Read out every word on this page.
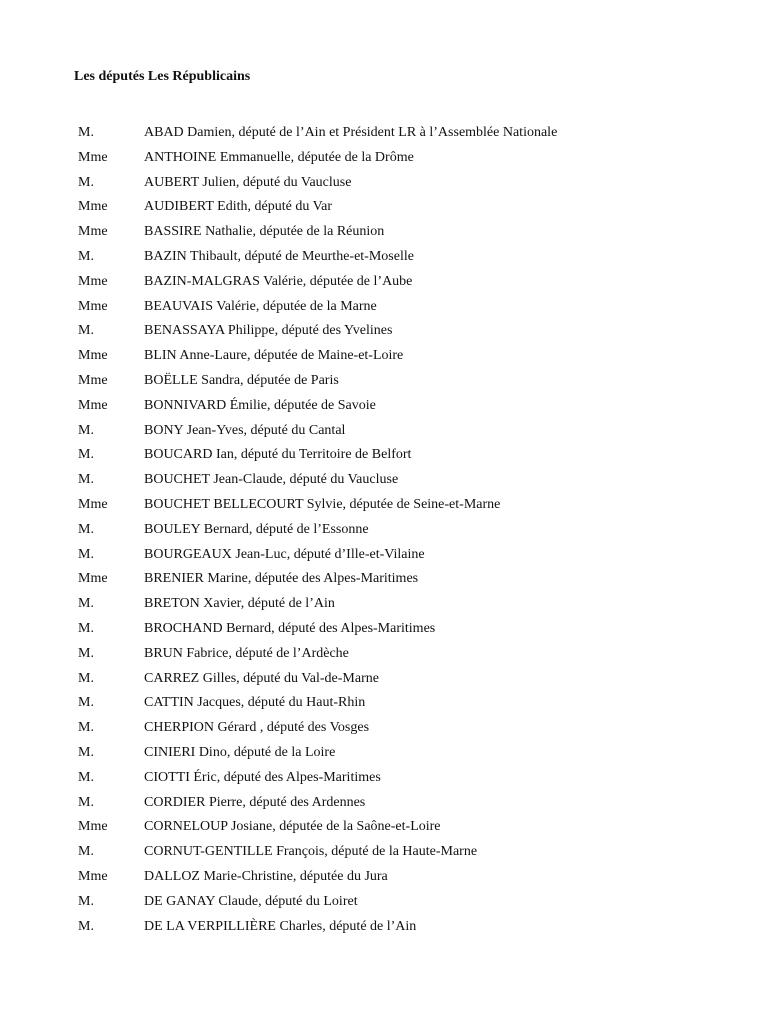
Les députés Les Républicains
M.	ABAD Damien, député de l’Ain et Président LR à l’Assemblée Nationale
Mme	ANTHOINE Emmanuelle, députée de la Drôme
M.	AUBERT Julien, député du Vaucluse
Mme	AUDIBERT Edith, député du Var
Mme	BASSIRE Nathalie, députée de la Réunion
M.	BAZIN Thibault, député de Meurthe-et-Moselle
Mme	BAZIN-MALGRAS Valérie, députée de l’Aube
Mme	BEAUVAIS Valérie, députée de la Marne
M.	BENASSAYA Philippe, député des Yvelines
Mme	BLIN Anne-Laure, députée de Maine-et-Loire
Mme	BOËLLE Sandra, députée de Paris
Mme	BONNIVARD Émilie, députée de Savoie
M.	BONY Jean-Yves, député du Cantal
M.	BOUCARD Ian, député du Territoire de Belfort
M.	BOUCHET Jean-Claude, député du Vaucluse
Mme	BOUCHET BELLECOURT Sylvie, députée de Seine-et-Marne
M.	BOULEY Bernard, député de l’Essonne
M.	BOURGEAUX Jean-Luc, député d’Ille-et-Vilaine
Mme	BRENIER Marine, députée des Alpes-Maritimes
M.	BRETON Xavier, député de l’Ain
M.	BROCHAND Bernard, député des Alpes-Maritimes
M.	BRUN Fabrice, député de l’Ardèche
M.	CARREZ Gilles, député du Val-de-Marne
M.	CATTIN Jacques, député du Haut-Rhin
M.	CHERPION Gérard , député des Vosges
M.	CINIERI Dino, député de la Loire
M.	CIOTTI Éric, député des Alpes-Maritimes
M.	CORDIER Pierre, député des Ardennes
Mme	CORNELOUP Josiane, députée de la Saône-et-Loire
M.	CORNUT-GENTILLE François, député de la Haute-Marne
Mme	DALLOZ Marie-Christine, députée du Jura
M.	DE GANAY Claude, député du Loiret
M.	DE LA VERPILLIÈRE Charles, député de l’Ain
